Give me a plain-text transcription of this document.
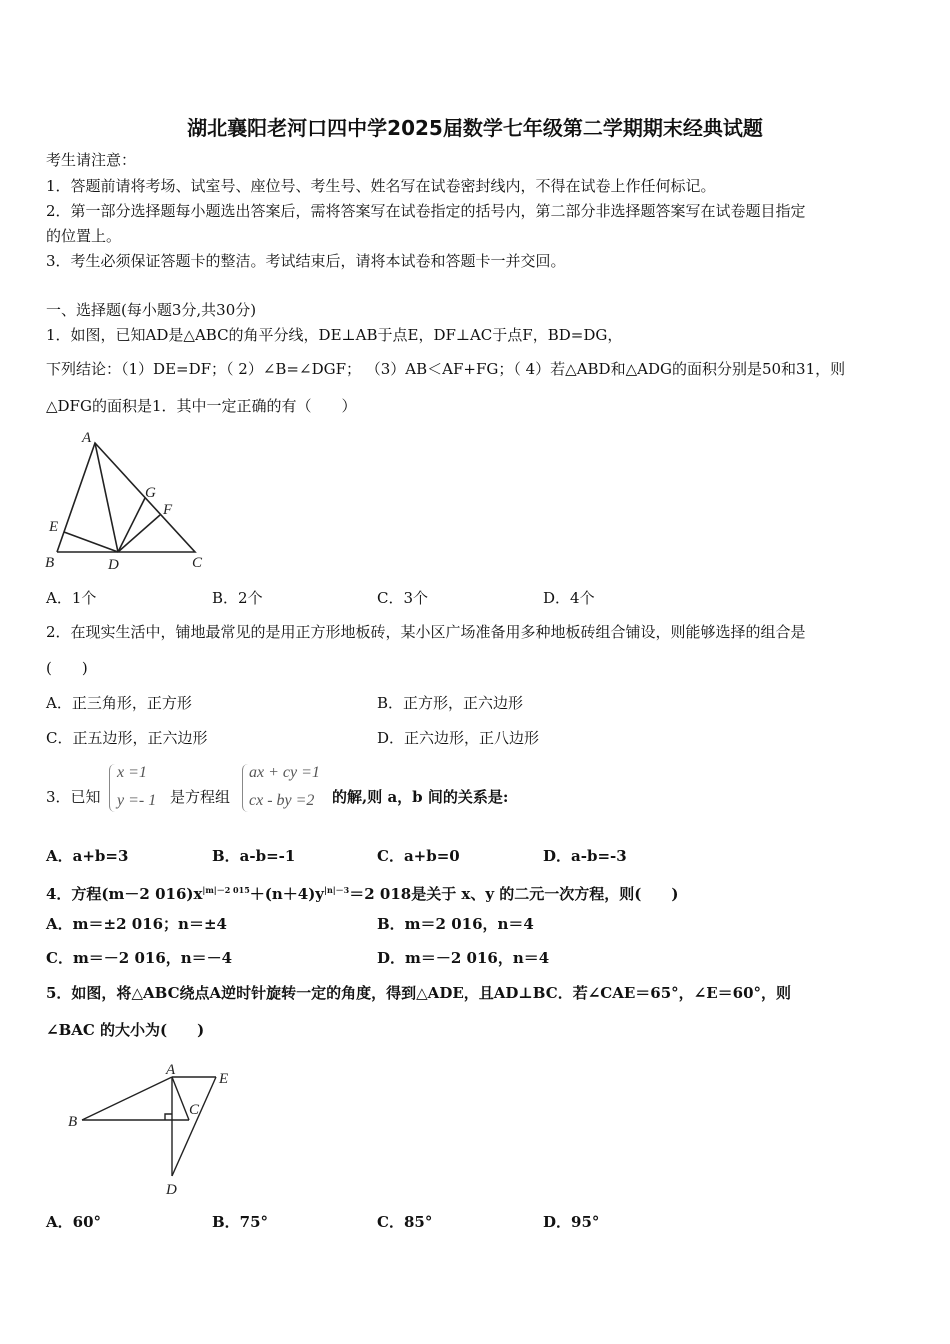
湖北襄阳老河口四中学2025届数学七年级第二学期期末经典试题
考生请注意：
1．答题前请将考场、试室号、座位号、考生号、姓名写在试卷密封线内，不得在试卷上作任何标记。
2．第一部分选择题每小题选出答案后，需将答案写在试卷指定的括号内，第二部分非选择题答案写在试卷题目指定
的位置上。
3．考生必须保证答题卡的整洁。考试结束后，请将本试卷和答题卡一并交回。
一、选择题(每小题3分,共30分)
1．如图，已知AD是△ABC的角平分线，DE⊥AB于点E，DF⊥AC于点F，BD=DG，
下列结论：（1）DE=DF；（ 2）∠B=∠DGF； （3）AB＜AF+FG；（ 4）若△ABD和△ADG的面积分别是50和31，则
△DFG的面积是1．其中一定正确的有（　　）
A
G
F
E
B	D	C
A．1个	B．2个	C．3个	D．4个
2．在现实生活中，铺地最常见的是用正方形地板砖，某小区广场准备用多种地板砖组合铺设，则能够选择的组合是
(　　)
A．正三角形，正方形	B．正方形，正六边形
C．正五边形，正六边形	D．正六边形，正八边形
3．已知
x =1
y =- 1 是方程组
ax + cy =1
cx - by =2 的解,则 a，b 间的关系是:
A．a+b=3	B．a-b=-1	C．a+b=0	D．a-b=-3
4．方程(m－2 $016)x^{|m|-2 015}+(n+4)y^{|n|-3}=2$ 018是关于 x、y 的二元一次方程，则(　　)
A．m＝±2 016；n＝±4	B．m＝2 016，n＝4
C．m＝－2 016，n＝－4	D．m＝－2 016，n＝4
5．如图，将△ABC绕点A逆时针旋转一定的角度，得到△ADE，且AD⊥BC．若∠CAE＝65°，∠E＝60°，则
∠BAC 的大小为(　　)
A
E
B
C
D
A．60°	B．75°	C．85°	D．95°
